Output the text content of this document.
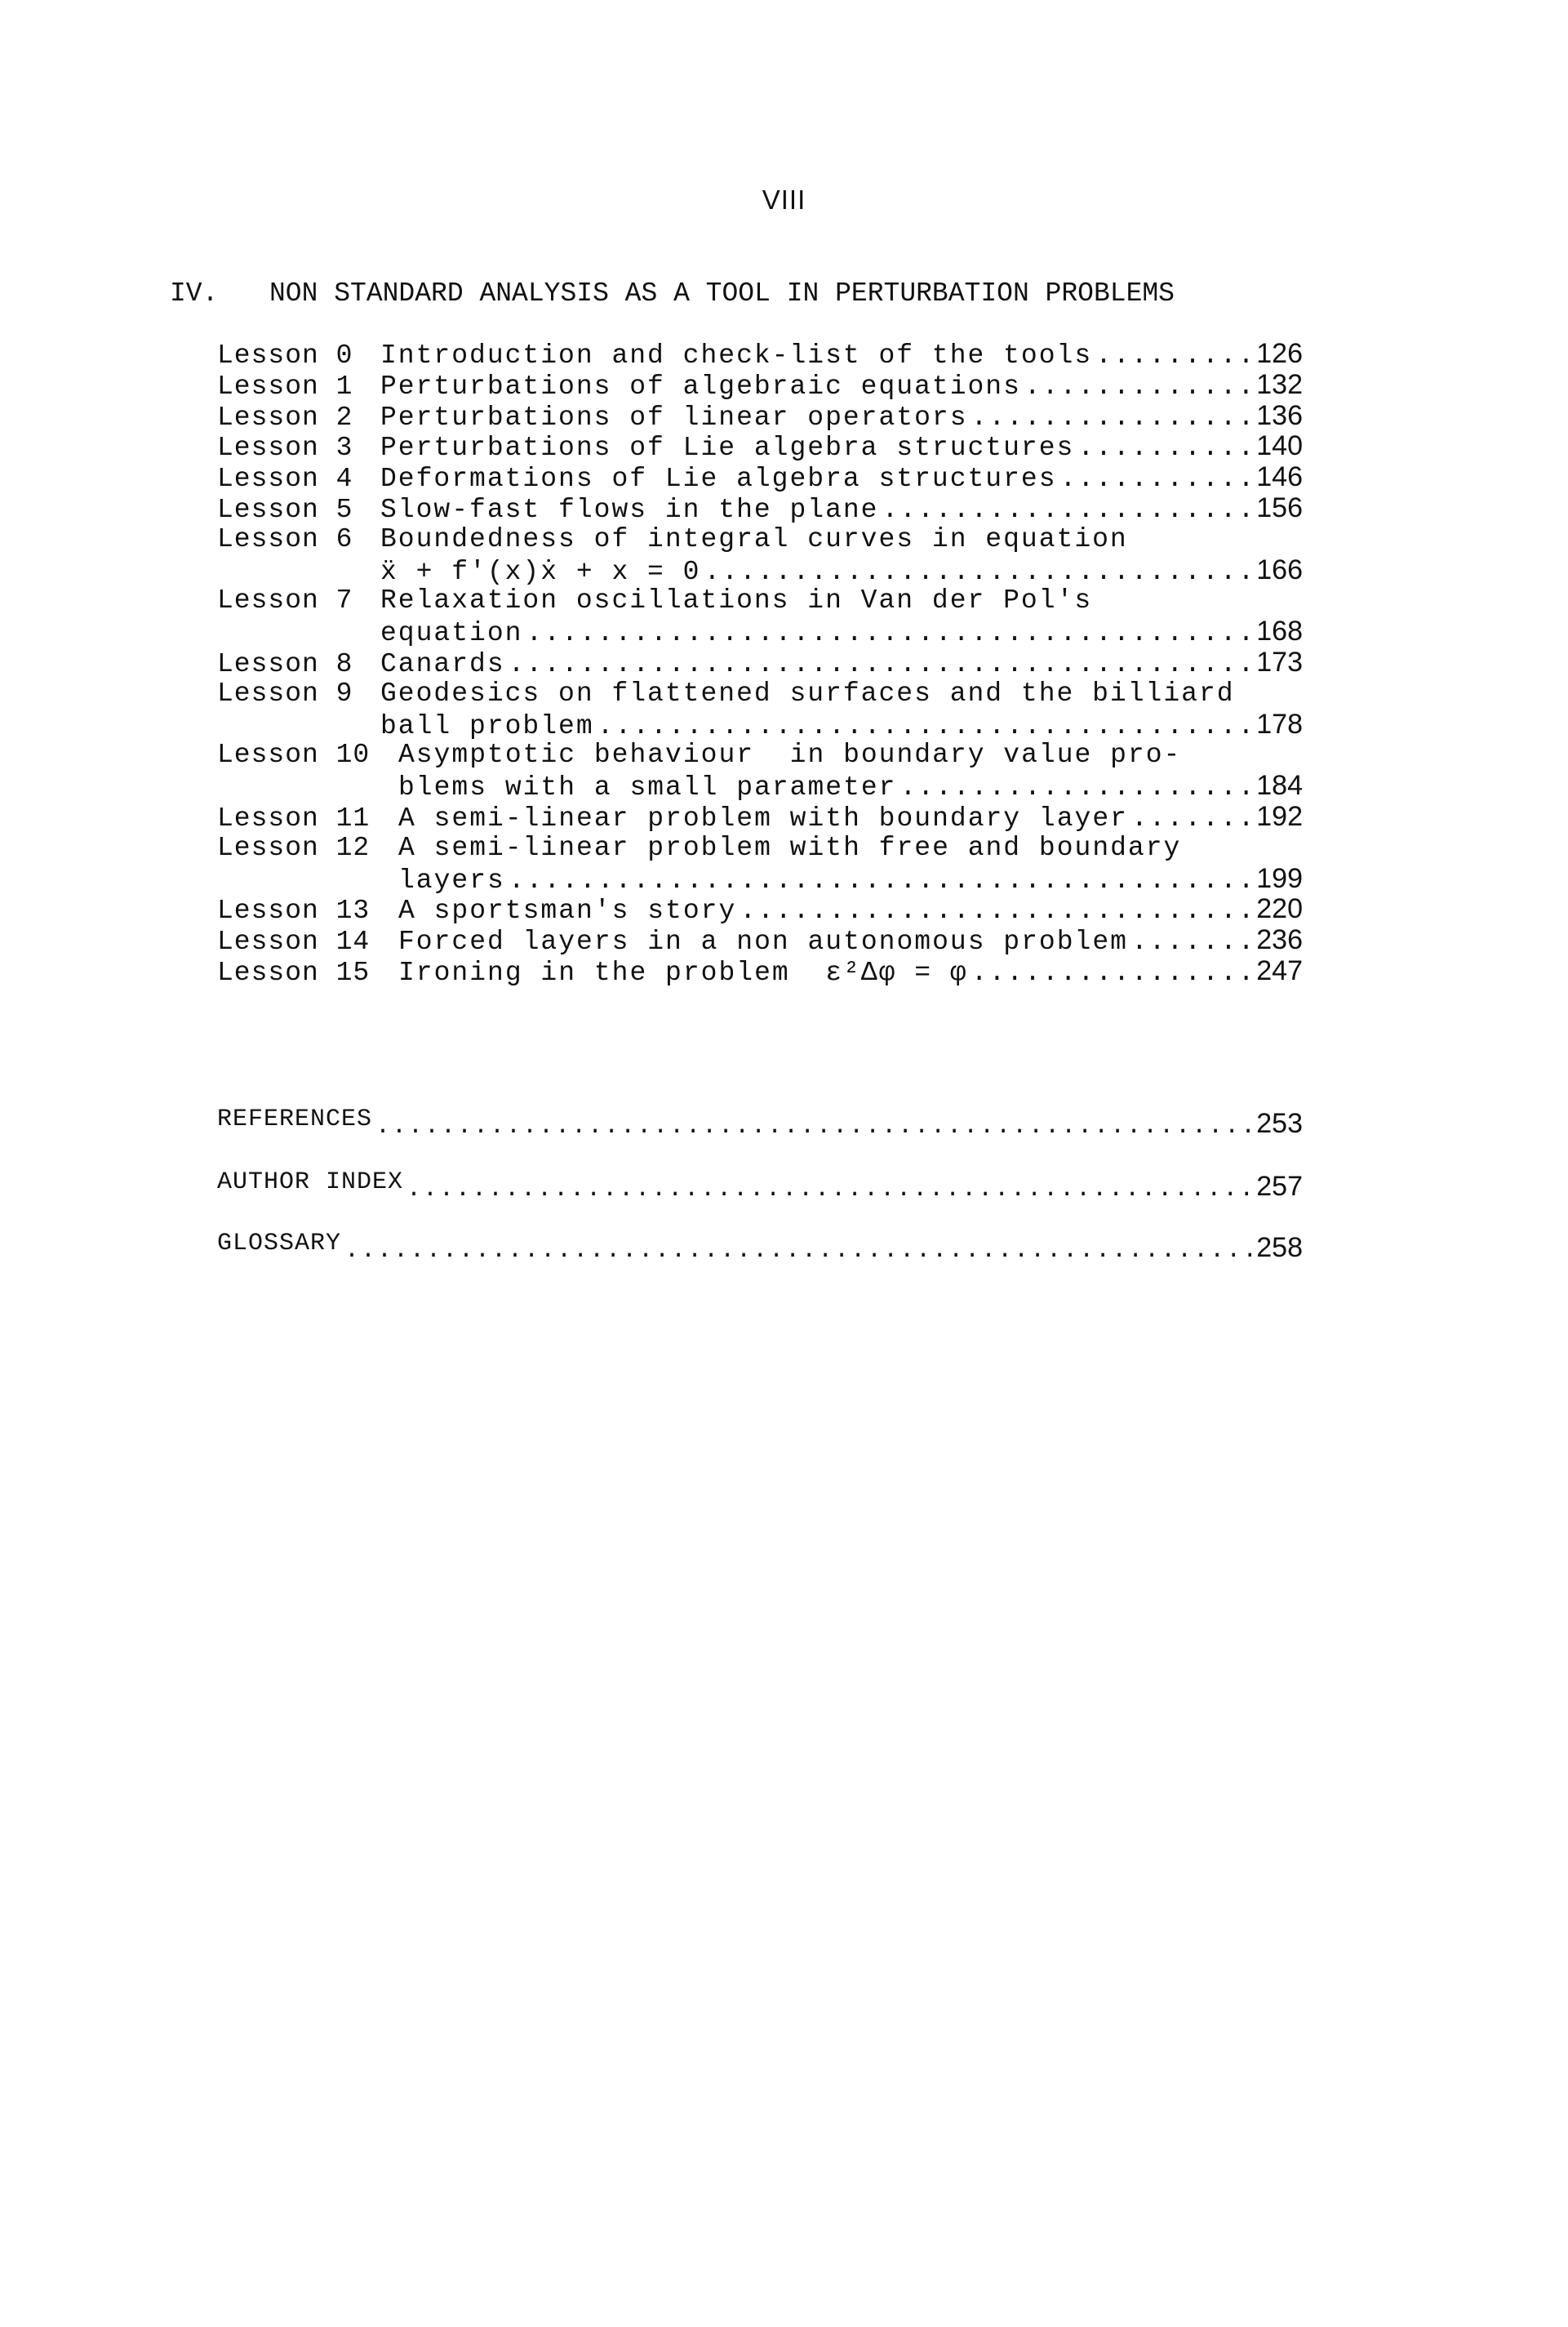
VIII
IV. NON STANDARD ANALYSIS AS A TOOL IN PERTURBATION PROBLEMS
Lesson 0	Introduction and check-list of the tools .....	126
Lesson 1	Perturbations of algebraic equations .....	132
Lesson 2	Perturbations of linear operators .....	136
Lesson 3	Perturbations of Lie algebra structures .....	140
Lesson 4	Deformations of Lie algebra structures .....	146
Lesson 5	Slow-fast flows in the plane .....	156
Lesson 6	Boundedness of integral curves in equation
ẍ + f'(x)ẋ + x = 0 .....	166
Lesson 7	Relaxation oscillations in Van der Pol's
equation .....	168
Lesson 8	Canards .....	173
Lesson 9	Geodesics on flattened surfaces and the billiard
ball problem .....	178
Lesson 10	Asymptotic behaviour  in boundary value pro-
blems with a small parameter .....	184
Lesson 11	A semi-linear problem with boundary layer .....	192
Lesson 12	A semi-linear problem with free and boundary
layers .....	199
Lesson 13	A sportsman's story .....	220
Lesson 14	Forced layers in a non autonomous problem .....	236
Lesson 15	Ironing in the problem  ε²Δφ = φ .....	247
REFERENCES .....	253
AUTHOR INDEX .....	257
GLOSSARY .....	258
